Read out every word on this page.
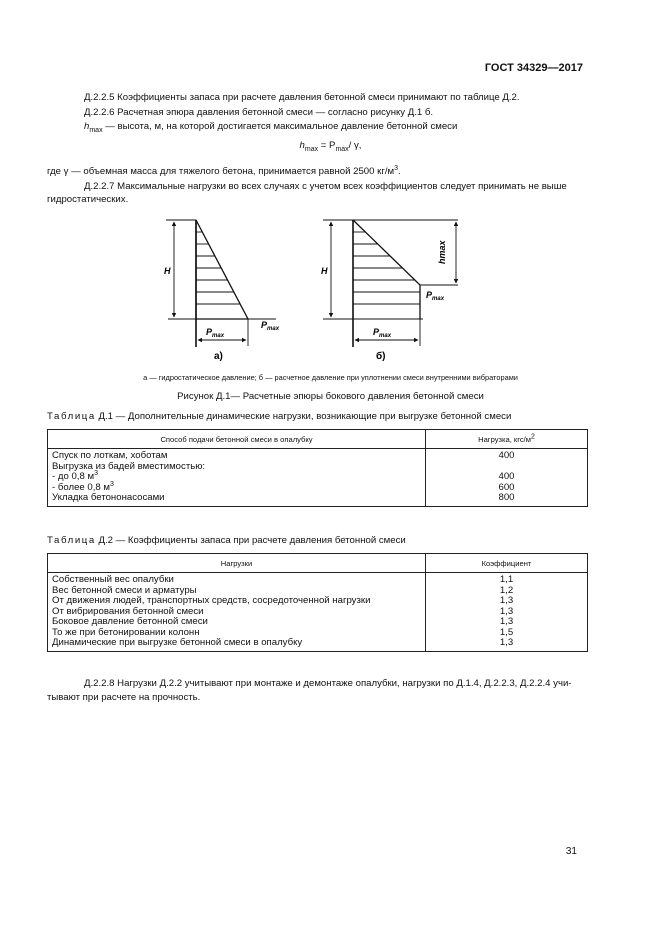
ГОСТ 34329—2017
Д.2.2.5 Коэффициенты запаса при расчете давления бетонной смеси принимают по таблице Д.2.
Д.2.2.6 Расчетная эпюра давления бетонной смеси — согласно рисунку Д.1 б.
$h_{max}$ — высота, м, на которой достигается максимальное давление бетонной смеси
$h_{max} = P_{max}/$ γ,
где γ — объемная масса для тяжелого бетона, принимается равной 2500 $кг/м^3$.
Д.2.2.7 Максимальные нагрузки во всех случаях с учетом всех коэффициентов следует принимать не выше
гидростатических.
H
$P_{max}$
$P_{max}$
а)
H
hmax
$P_{max}$
$P_{max}$
б)
а — гидростатическое давление; б — расчетное давление при уплотнении смеси внутренними вибраторами
Рисунок Д.1— Расчетные эпюры бокового давления бетонной смеси
Таблица Д.1 — Дополнительные динамические нагрузки, возникающие при выгрузке бетонной смеси
Способ подачи бетонной смеси в опалубку	Нагрузка, кгс/$м^2$
Спуск по лоткам, хоботам	400
Выгрузка из бадей вместимостью:	
- до 0,8 $м^3$	400
- более 0,8 $м^3$	600
Укладка бетононасосами	800
Таблица Д.2 — Коэффициенты запаса при расчете давления бетонной смеси
Нагрузки	Коэффициент
Собственный вес опалубки	1,1
Вес бетонной смеси и арматуры	1,2
От движения людей, транспортных средств, сосредоточенной нагрузки	1,3
От вибрирования бетонной смеси	1,3
Боковое давление бетонной смеси	1,3
То же при бетонировании колонн	1,5
Динамические при выгрузке бетонной смеси в опалубку	1,3
Д.2.2.8 Нагрузки Д.2.2 учитывают при монтаже и демонтаже опалубки, нагрузки по Д.1.4, Д.2.2.3, Д.2.2.4 учи-
тывают при расчете на прочность.
31
